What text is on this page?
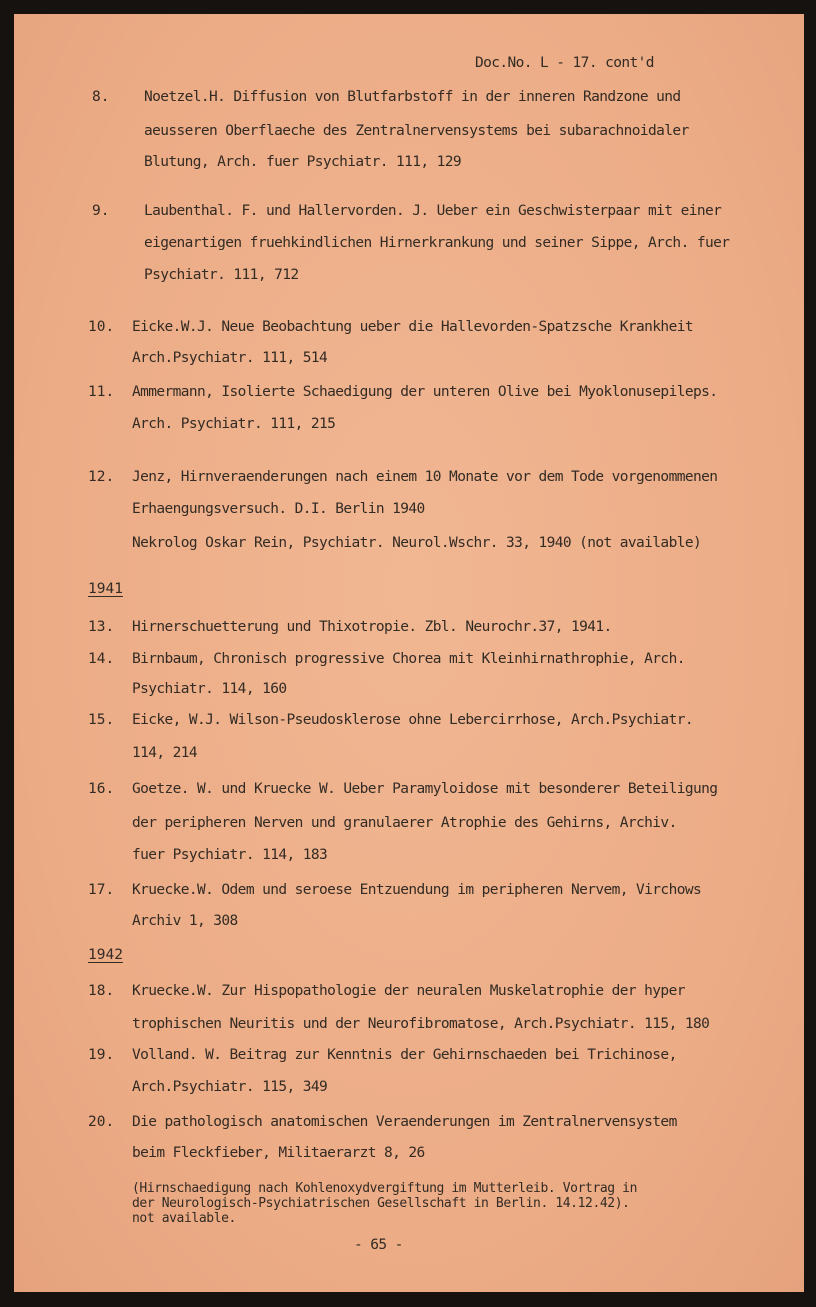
Doc.No. L - 17. cont'd
8. Noetzel.H. Diffusion von Blutfarbstoff in der inneren Randzone und
aeusseren Oberflaeche des Zentralnervensystems bei subarachnoidaler
Blutung, Arch. fuer Psychiatr. 111, 129
9. Laubenthal. F. und Hallervorden. J. Ueber ein Geschwisterpaar mit einer
eigenartigen fruehkindlichen Hirnerkrankung und seiner Sippe, Arch. fuer
Psychiatr. 111, 712
10. Eicke.W.J. Neue Beobachtung ueber die Hallevorden-Spatzsche Krankheit
Arch.Psychiatr. 111, 514
11. Ammermann, Isolierte Schaedigung der unteren Olive bei Myoklonusepileps.
Arch. Psychiatr. 111, 215
12. Jenz, Hirnveraenderungen nach einem 10 Monate vor dem Tode vorgenommenen
Erhaengungsversuch. D.I. Berlin 1940
Nekrolog Oskar Rein, Psychiatr. Neurol.Wschr. 33, 1940 (not available)
1941
13. Hirnerschuetterung und Thixotropie. Zbl. Neurochr.37, 1941.
14. Birnbaum, Chronisch progressive Chorea mit Kleinhirnathrophie, Arch.
Psychiatr. 114, 160
15. Eicke, W.J. Wilson-Pseudosklerose ohne Lebercirrhose, Arch.Psychiatr.
114, 214
16. Goetze. W. und Kruecke W. Ueber Paramyloidose mit besonderer Beteiligung
der peripheren Nerven und granulaerer Atrophie des Gehirns, Archiv.
fuer Psychiatr. 114, 183
17. Kruecke.W. Odem und seroese Entzuendung im peripheren Nervem, Virchows
Archiv 1, 308
1942
18. Kruecke.W. Zur Hispopathologie der neuralen Muskelatrophie der hyper
trophischen Neuritis und der Neurofibromatose, Arch.Psychiatr. 115, 180
19. Volland. W. Beitrag zur Kenntnis der Gehirnschaeden bei Trichinose,
Arch.Psychiatr. 115, 349
20. Die pathologisch anatomischen Veraenderungen im Zentralnervensystem
beim Fleckfieber, Militaerarzt 8, 26
(Hirnschaedigung nach Kohlenoxydvergiftung im Mutterleib. Vortrag in
der Neurologisch-Psychiatrischen Gesellschaft in Berlin. 14.12.42).
not available.
- 65 -
